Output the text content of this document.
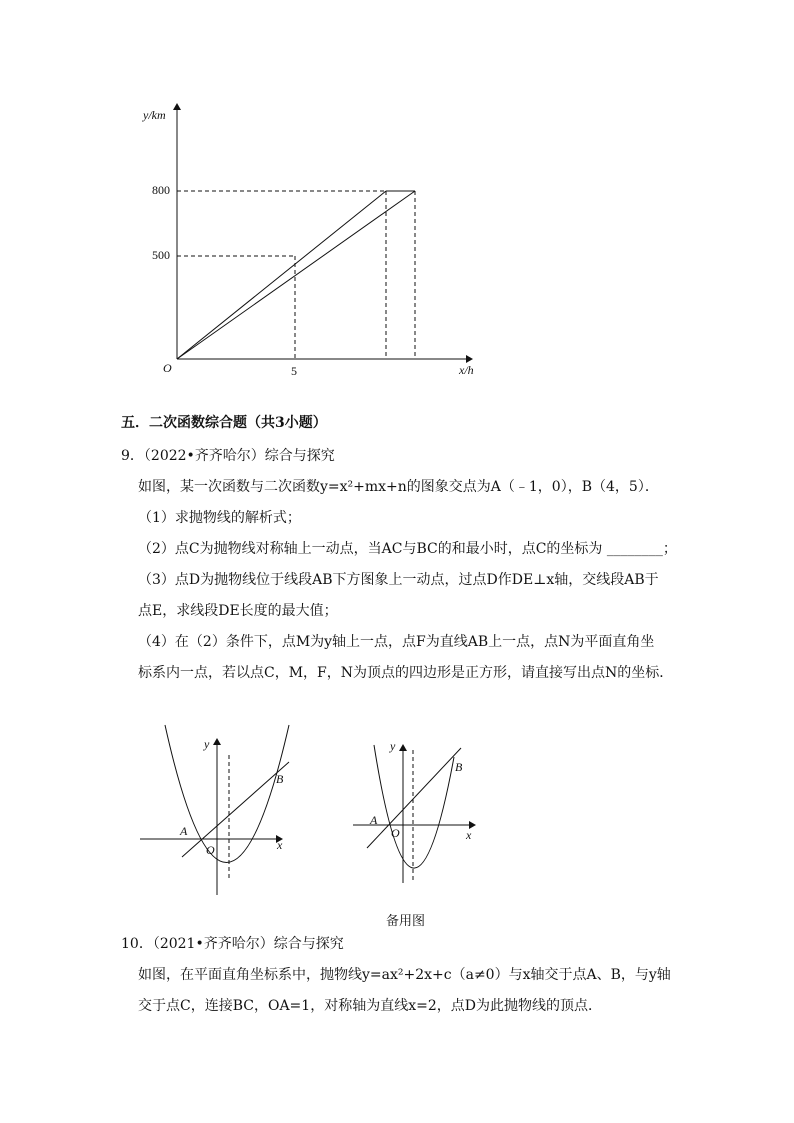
y/km
x/h
O
800
500
5
五．二次函数综合题（共3小题）
9．（2022•齐齐哈尔）综合与探究
如图，某一次函数与二次函数y=x²+mx+n的图象交点为A（﹣1，0），B（4，5）．
（1）求抛物线的解析式；
（2）点C为抛物线对称轴上一动点，当AC与BC的和最小时，点C的坐标为 ________；
（3）点D为抛物线位于线段AB下方图象上一动点，过点D作DE⊥x轴，交线段AB于
点E，求线段DE长度的最大值；
（4）在（2）条件下，点M为y轴上一点，点F为直线AB上一点，点N为平面直角坐
标系内一点，若以点C，M，F，N为顶点的四边形是正方形，请直接写出点N的坐标．
y
x
A
B
O
y
x
A
B
O
备用图
10．（2021•齐齐哈尔）综合与探究
如图，在平面直角坐标系中，抛物线y=ax²+2x+c（a≠0）与x轴交于点A、B，与y轴
交于点C，连接BC，OA=1，对称轴为直线x=2，点D为此抛物线的顶点．
